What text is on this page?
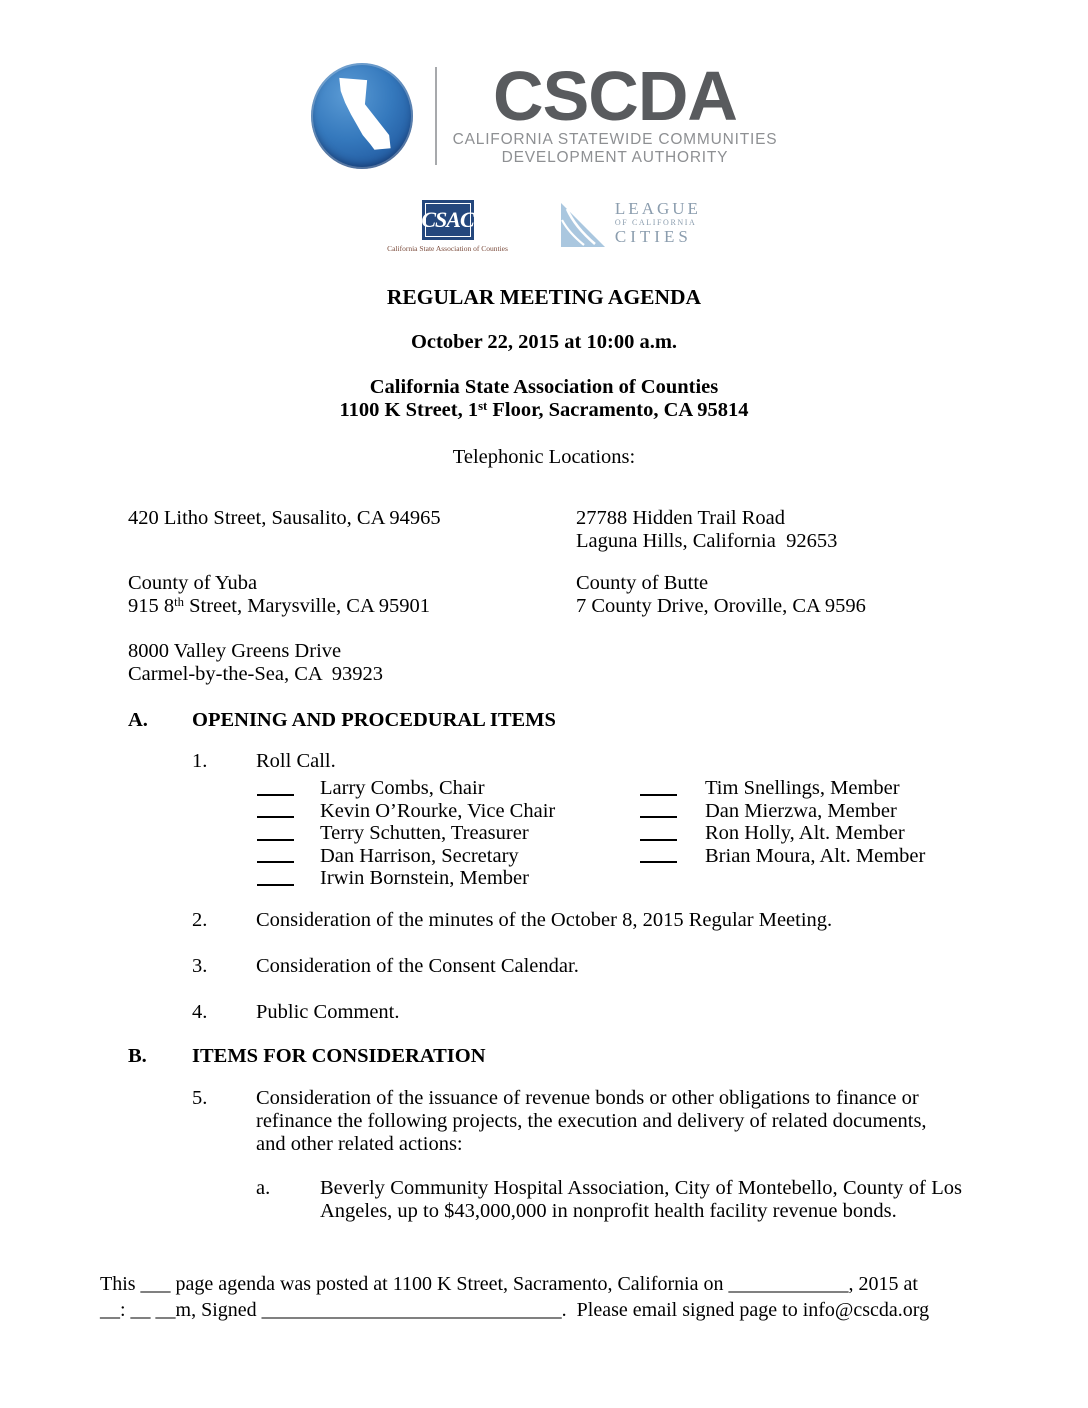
CSCDA
CALIFORNIA STATEWIDE COMMUNITIES
DEVELOPMENT AUTHORITY
CSAC
California State Association of Counties
LEAGUE
OF CALIFORNIA
CITIES
REGULAR MEETING AGENDA
October 22, 2015 at 10:00 a.m.
California State Association of Counties
1100 K Street, 1st Floor, Sacramento, CA 95814
Telephonic Locations:
420 Litho Street, Sausalito, CA 94965	27788 Hidden Trail Road
Laguna Hills, California  92653
County of Yuba
915 8th Street, Marysville, CA 95901
County of Butte
7 County Drive, Oroville, CA 9596
8000 Valley Greens Drive
Carmel-by-the-Sea, CA  93923
A.	OPENING AND PROCEDURAL ITEMS
1.	Roll Call.
Larry Combs, Chair
Kevin O’Rourke, Vice Chair
Terry Schutten, Treasurer
Dan Harrison, Secretary
Irwin Bornstein, Member
Tim Snellings, Member
Dan Mierzwa, Member
Ron Holly, Alt. Member
Brian Moura, Alt. Member
2.	Consideration of the minutes of the October 8, 2015 Regular Meeting.
3.	Consideration of the Consent Calendar.
4.	Public Comment.
B.	ITEMS FOR CONSIDERATION
5.	Consideration of the issuance of revenue bonds or other obligations to finance or refinance the following projects, the execution and delivery of related documents, and other related actions:
a.	Beverly Community Hospital Association, City of Montebello, County of Los Angeles, up to $43,000,000 in nonprofit health facility revenue bonds.
This ___ page agenda was posted at 1100 K Street, Sacramento, California on ____________, 2015 at
__: __ __m, Signed ______________________________.  Please email signed page to info@cscda.org
